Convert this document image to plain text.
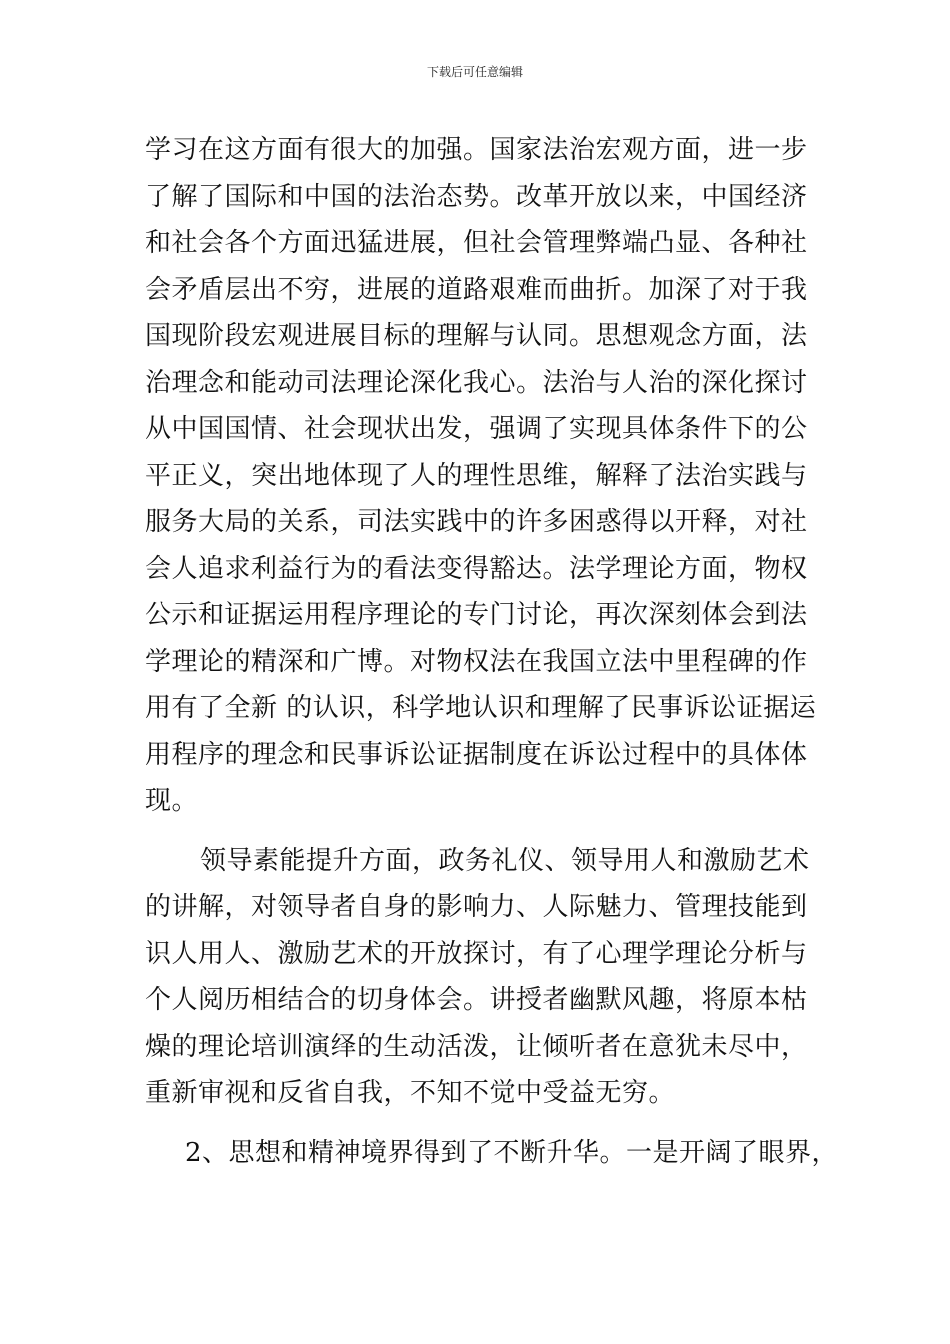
下载后可任意编辑
学习在这方面有很大的加强。国家法治宏观方面，进一步
了解了国际和中国的法治态势。改革开放以来，中国经济
和社会各个方面迅猛进展，但社会管理弊端凸显、各种社
会矛盾层出不穷，进展的道路艰难而曲折。加深了对于我
国现阶段宏观进展目标的理解与认同。思想观念方面，法
治理念和能动司法理论深化我心。法治与人治的深化探讨
从中国国情、社会现状出发，强调了实现具体条件下的公
平正义，突出地体现了人的理性思维，解释了法治实践与
服务大局的关系，司法实践中的许多困惑得以开释，对社
会人追求利益行为的看法变得豁达。法学理论方面，物权
公示和证据运用程序理论的专门讨论，再次深刻体会到法
学理论的精深和广博。对物权法在我国立法中里程碑的作
用有了全新 的认识，科学地认识和理解了民事诉讼证据运
用程序的理念和民事诉讼证据制度在诉讼过程中的具体体
现。
领导素能提升方面，政务礼仪、领导用人和激励艺术
的讲解，对领导者自身的影响力、人际魅力、管理技能到
识人用人、激励艺术的开放探讨，有了心理学理论分析与
个人阅历相结合的切身体会。讲授者幽默风趣，将原本枯
燥的理论培训演绎的生动活泼，让倾听者在意犹未尽中，
重新审视和反省自我，不知不觉中受益无穷。
2、思想和精神境界得到了不断升华。一是开阔了眼界，
